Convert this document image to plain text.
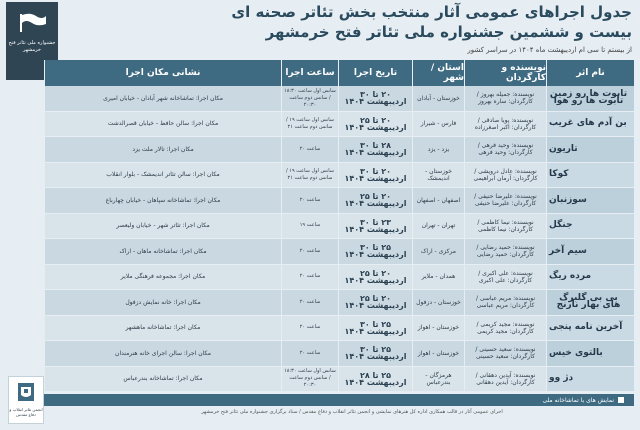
جشنواره ملی تئاتر فتح خرمشهر
جدول اجراهای عمومی آثار منتخب بخش تئاتر صحنه ای
بیست و ششمین جشنواره ملی تئاتر فتح خرمشهر
از بیستم تا سی ام اردیبهشت ماه ۱۴۰۴ در سراسر کشور
نام اثر
نویسنده و کارگردان
استان / شهر
تاریخ اجرا
ساعت اجرا
نشانی مکان اجرا
تابوت ها رو زمین تابوت ها رو هوا
نویسنده: جمیله بهروز / کارگردان: ساره بهروز
خوزستان - آبادان
۲۰ تا ۳۰ اردیبهشت ۱۴۰۴
سانس اول ساعت ۱۸:۳۰ / سانس دوم ساعت ۲۰:۳۰
مکان اجرا: تماشاخانه شهر آبادان - خیابان امیری
بن آدم های غریب
نویسنده: پویا صادقی / کارگردان: اکبر اصغرزاده
فارس - شیراز
۲۰ تا ۲۵ اردیبهشت ۱۴۰۴
سانس اول ساعت ۱۹ / سانس دوم ساعت ۲۱
مکان اجرا: سالن حافظ - خیابان قصرالدشت
تاریون
نویسنده: وحید فرهی / کارگردان: وحید فرهی
یزد - یزد
۲۸ تا ۳۰ اردیبهشت ۱۴۰۴
ساعت ۲۰
مکان اجرا: تالار ملت یزد
کوکا
نویسنده: عادل درویشی / کارگردان: آرمان ابراهیمی
خوزستان - اندیمشک
۲۰ تا ۳۰ اردیبهشت ۱۴۰۴
سانس اول ساعت ۱۹ / سانس دوم ساعت ۲۱
مکان اجرا: سالن تئاتر اندیمشک - بلوار انقلاب
سوزنبان
نویسنده: علیرضا حنیفی / کارگردان: علیرضا حنیفی
اصفهان - اصفهان
۲۰ تا ۲۵ اردیبهشت ۱۴۰۴
ساعت ۲۰
مکان اجرا: تماشاخانه سپاهان - خیابان چهارباغ
جنگل
نویسنده: نیما کاظمی / کارگردان: نیما کاظمی
تهران - تهران
۲۳ تا ۳۰ اردیبهشت ۱۴۰۴
ساعت ۱۹
مکان اجرا: تئاتر شهر - خیابان ولیعصر
سیم آخر
نویسنده: حمید رضایی / کارگردان: حمید رضایی
مرکزی - اراک
۲۵ تا ۳۰ اردیبهشت ۱۴۰۴
ساعت ۲۰
مکان اجرا: تماشاخانه ماهان - اراک
مرده ریگ
نویسنده: علی اکبری / کارگردان: علی اکبری
همدان - ملایر
۲۰ تا ۲۵ اردیبهشت ۱۴۰۴
ساعت ۲۰
مکان اجرا: مجموعه فرهنگی ملایر
بی بی گلبرگ های بهار نارنج
نویسنده: مریم عباسی / کارگردان: مریم عباسی
خوزستان - دزفول
۲۰ تا ۲۵ اردیبهشت ۱۴۰۴
ساعت ۲۰
مکان اجرا: خانه نمایش دزفول
آخرین نامه پنجی
نویسنده: مجید کریمی / کارگردان: مجید کریمی
خوزستان - اهواز
۲۵ تا ۳۰ اردیبهشت ۱۴۰۴
ساعت ۲۰
مکان اجرا: تماشاخانه ماهشهر
بالتوی خیس
نویسنده: سعید حسینی / کارگردان: سعید حسینی
خوزستان - اهواز
۲۵ تا ۳۰ اردیبهشت ۱۴۰۴
ساعت ۲۰
مکان اجرا: سالن اجرای خانه هنرمندان
دژ وو
نویسنده: آیدین دهقانی / کارگردان: آیدین دهقانی
هرمزگان - بندرعباس
۲۵ تا ۲۸ اردیبهشت ۱۴۰۴
سانس اول ساعت ۱۸:۳۰ / سانس دوم ساعت ۲۰:۳۰
مکان اجرا: تماشاخانه بندرعباس
نمایش های با تماشاخانه ملی
اجرای عمومی آثار در قالب همکاری اداره کل هنرهای نمایشی و انجمن تئاتر انقلاب و دفاع مقدس / ستاد برگزاری جشنواره ملی تئاتر فتح خرمشهر
انجمن تئاتر انقلاب و دفاع مقدس
